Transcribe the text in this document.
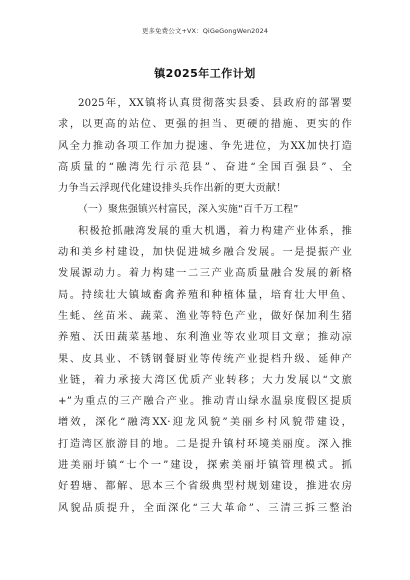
更多免费公文+VX：QiGeGongWen2024
镇2025年工作计划
2025年，XX镇将认真贯彻落实县委、县政府的部署要
求，以更高的站位、更强的担当、更硬的措施、更实的作
风全力推动各项工作加力提速、争先进位，为XX加快打造
高质量的“融湾先行示范县”、奋进“全国百强县”、全
力争当云浮现代化建设排头兵作出新的更大贡献！
（一）聚焦强镇兴村富民，深入实施“百千万工程”
积极抢抓融湾发展的重大机遇，着力构建产业体系，推
动和美乡村建设，加快促进城乡融合发展。一是提振产业
发展源动力。着力构建一二三产业高质量融合发展的新格
局。持续壮大镇域畜禽养殖和种植体量，培育壮大甲鱼、
生蚝、丝苗米、蔬菜、渔业等特色产业，做好保加利生猪
养殖、沃田蔬菜基地、东利渔业等农业项目文章；推动凉
果、皮具业、不锈钢餐厨业等传统产业提档升级、延伸产
业链，着力承接大湾区优质产业转移；大力发展以“文旅
+”为重点的三产融合产业。推动青山绿水温泉度假区提质
增效，深化“融湾XX·迎龙风貌”美丽乡村风貌带建设，
打造湾区旅游目的地。二是提升镇村环境美丽度。深入推
进美丽圩镇“七个一”建设，探索美丽圩镇管理模式。抓
好碧塘、都解、思本三个省级典型村规划建设，推进农房
风貌品质提升，全面深化“三大革命”、三清三拆三整治
